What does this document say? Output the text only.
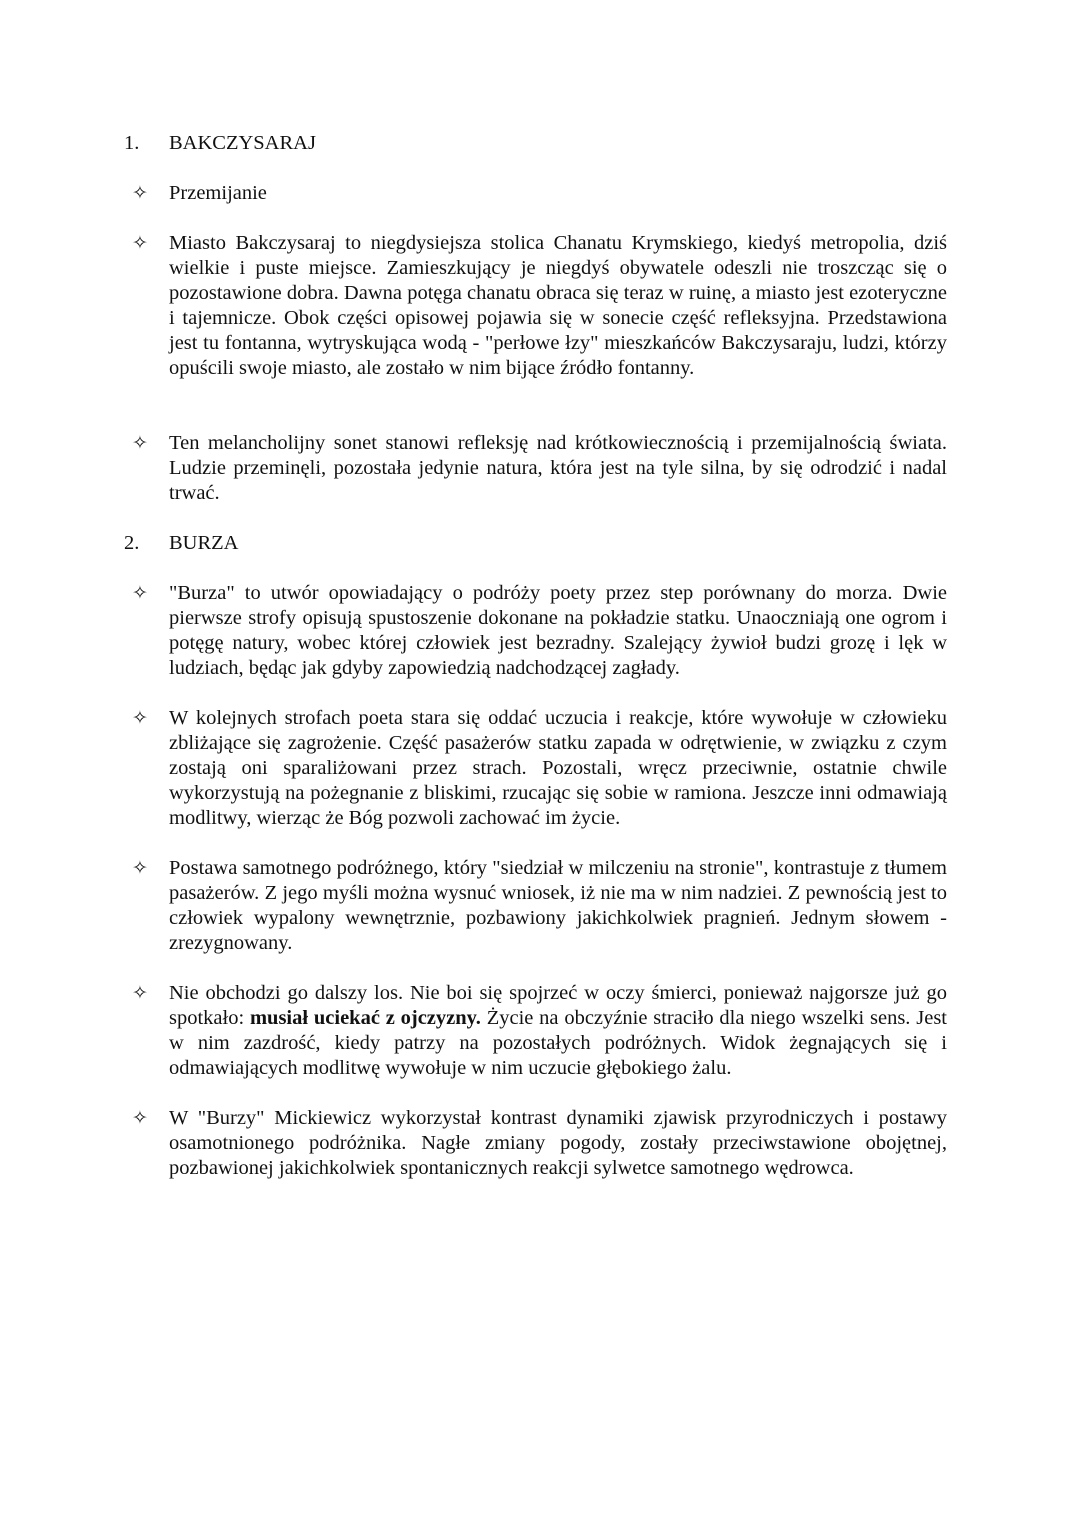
1. BAKCZYSARAJ
✧	Przemijanie

✧	Miasto Bakczysaraj to niegdysiejsza stolica Chanatu Krymskiego, kiedyś metropolia, dziś wielkie i puste miejsce. Zamieszkujący je niegdyś obywatele odeszli nie troszcząc się o pozostawione dobra. Dawna potęga chanatu obraca się teraz w ruinę, a miasto jest ezoteryczne i tajemnicze. Obok części opisowej pojawia się w sonecie część refleksyjna. Przedstawiona jest tu fontanna, wytryskująca wodą - "perłowe łzy" mieszkańców Bakczysaraju, ludzi, którzy opuścili swoje miasto, ale zostało w nim bijące źródło fontanny.

✧	Ten melancholijny sonet stanowi refleksję nad krótkowiecznością i przemijalnością świata. Ludzie przeminęli, pozostała jedynie natura, która jest na tyle silna, by się odrodzić i nadal trwać.

2. BURZA
✧	"Burza" to utwór opowiadający o podróży poety przez step porównany do morza. Dwie pierwsze strofy opisują spustoszenie dokonane na pokładzie statku. Unaoczniają one ogrom i potęgę natury, wobec której człowiek jest bezradny. Szalejący żywioł budzi grozę i lęk w ludziach, będąc jak gdyby zapowiedzią nadchodzącej zagłady.

✧	W kolejnych strofach poeta stara się oddać uczucia i reakcje, które wywołuje w człowieku zbliżające się zagrożenie. Część pasażerów statku zapada w odrętwienie, w związku z czym zostają oni sparaliżowani przez strach. Pozostali, wręcz przeciwnie, ostatnie chwile wykorzystują na pożegnanie z bliskimi, rzucając się sobie w ramiona. Jeszcze inni odmawiają modlitwy, wierząc że Bóg pozwoli zachować im życie.

✧	Postawa samotnego podróżnego, który "siedział w milczeniu na stronie", kontrastuje z tłumem pasażerów. Z jego myśli można wysnuć wniosek, iż nie ma w nim nadziei. Z pewnością jest to człowiek wypalony wewnętrznie, pozbawiony jakichkolwiek pragnień. Jednym słowem - zrezygnowany.

✧	Nie obchodzi go dalszy los. Nie boi się spojrzeć w oczy śmierci, ponieważ najgorsze już go spotkało: musiał uciekać z ojczyzny. Życie na obczyźnie straciło dla niego wszelki sens. Jest w nim zazdrość, kiedy patrzy na pozostałych podróżnych. Widok żegnających się i odmawiających modlitwę wywołuje w nim uczucie głębokiego żalu.

✧	W "Burzy" Mickiewicz wykorzystał kontrast dynamiki zjawisk przyrodniczych i postawy osamotnionego podróżnika. Nagłe zmiany pogody, zostały przeciwstawione obojętnej, pozbawionej jakichkolwiek spontanicznych reakcji sylwetce samotnego wędrowca.
